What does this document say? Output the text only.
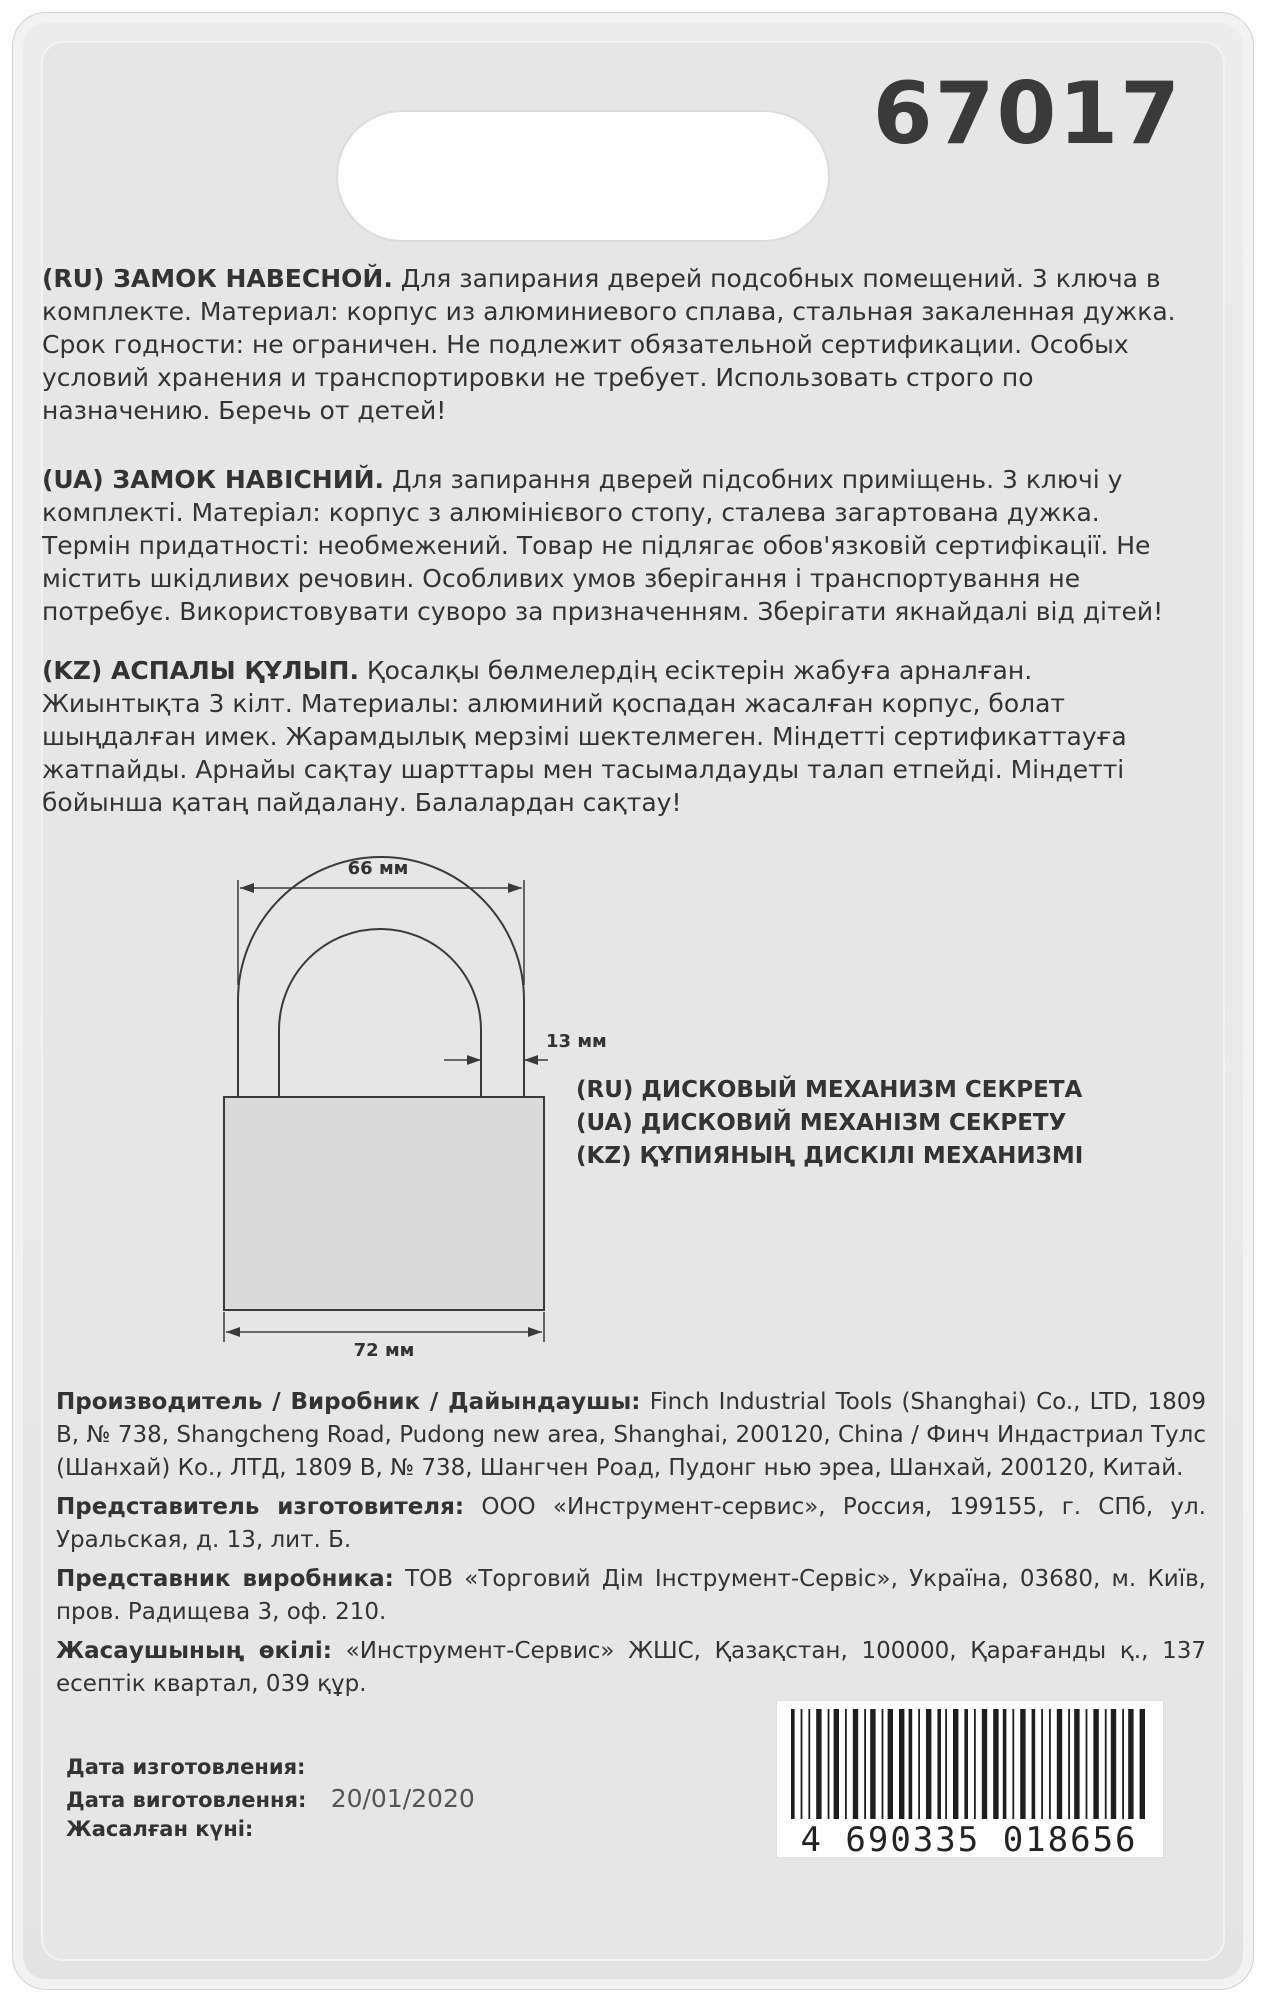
67017
(RU) ЗАМОК НАВЕСНОЙ. Для запирания дверей подсобных помещений. 3 ключа в комплекте. Материал: корпус из алюминиевого сплава, стальная закаленная дужка. Срок годности: не ограничен. Не подлежит обязательной сертификации. Особых условий хранения и транспортировки не требует. Использовать строго по назначению. Беречь от детей!
(UA) ЗАМОК НАВІСНИЙ. Для запирання дверей підсобних приміщень. 3 ключі у комплекті. Матеріал: корпус з алюмінієвого стопу, сталева загартована дужка. Термін придатності: необмежений. Товар не підлягає обов'язковій сертифікації. Не містить шкідливих речовин. Особливих умов зберігання і транспортування не потребує. Використовувати суворо за призначенням. Зберігати якнайдалі від дітей!
(KZ) АСПАЛЫ ҚҰЛЫП. Қосалқы бөлмелердің есіктерін жабуға арналған. Жиынтықта 3 кілт. Материалы: алюминий қоспадан жасалған корпус, болат шыңдалған имек. Жарамдылық мерзімі шектелмеген. Міндетті сертификаттауға жатпайды. Арнайы сақтау шарттары мен тасымалдауды талап етпейді. Міндетті бойынша қатаң пайдалану. Балалардан сақтау!
66 мм
13 мм
72 мм
(RU) ДИСКОВЫЙ МЕХАНИЗМ СЕКРЕТА
(UA) ДИСКОВИЙ МЕХАНІЗМ СЕКРЕТУ
(KZ) ҚҰПИЯНЫҢ ДИСКІЛІ МЕХАНИЗМІ

Производитель / Виробник / Дайындаушы: Finch Industrial Tools (Shanghai) Co., LTD, 1809 B, № 738, Shangcheng Road, Pudong new area, Shanghai, 200120, China / Финч Индастриал Тулс (Шанхай) Ко., ЛТД, 1809 B, № 738, Шангчен Роад, Пудонг нью эреа, Шанхай, 200120, Китай.

Представитель изготовителя: ООО «Инструмент-сервис», Россия, 199155, г. СПб, ул. Уральская, д. 13, лит. Б.

Представник виробника: ТОВ «Торговий Дім Інструмент-Сервіс», Україна, 03680, м. Київ, пров. Радищева 3, оф. 210.

Жасаушының өкілі: «Инструмент-Сервис» ЖШС, Қазақстан, 100000, Қарағанды қ., 137 есептік квартал, 039 құр.

Дата изготовления:
Дата виготовлення: 20/01/2020
Жасалған күні:	4 690335 018656
